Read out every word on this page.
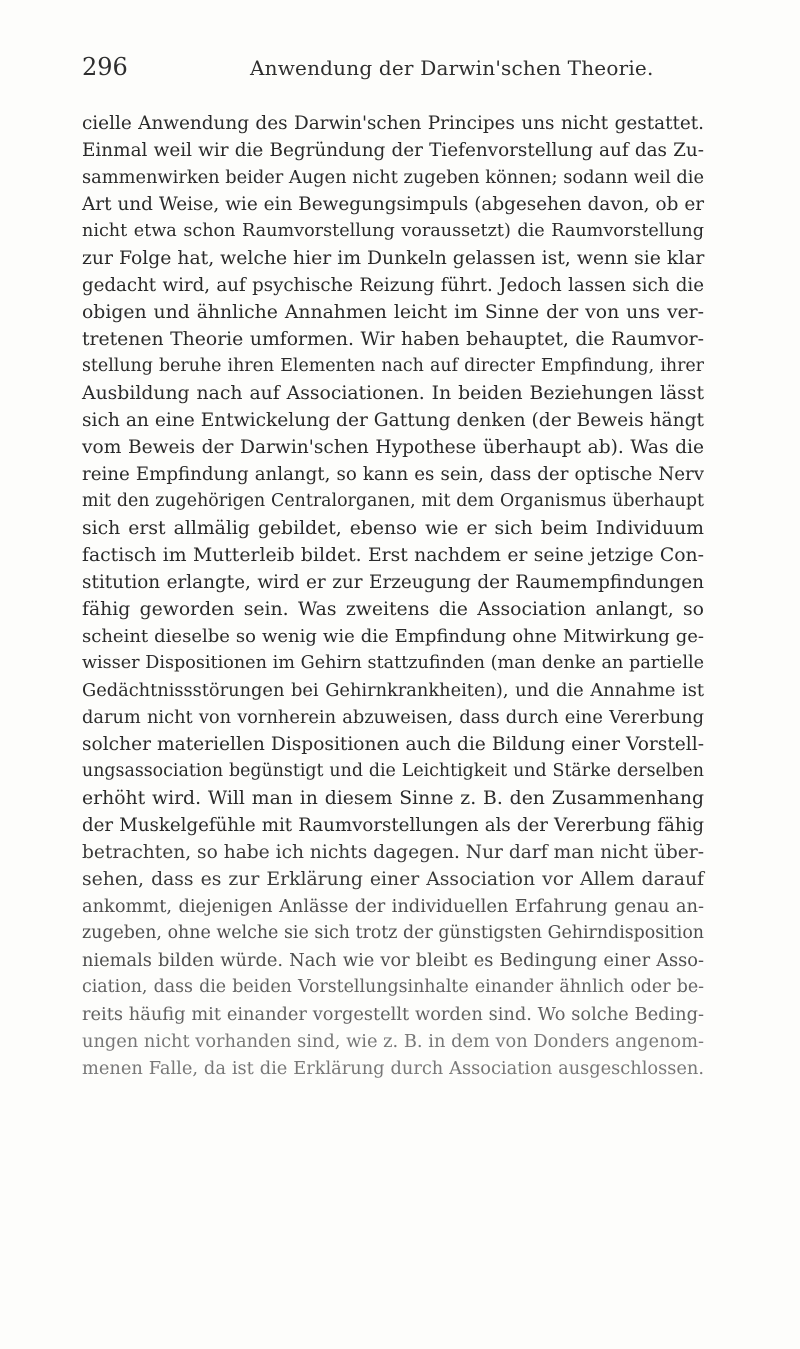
296	Anwendung der Darwin'schen Theorie.
cielle Anwendung des Darwin'schen Principes uns nicht gestattet.
Einmal weil wir die Begründung der Tiefenvorstellung auf das Zu-
sammenwirken beider Augen nicht zugeben können; sodann weil die
Art und Weise, wie ein Bewegungsimpuls (abgesehen davon, ob er
nicht etwa schon Raumvorstellung voraussetzt) die Raumvorstellung
zur Folge hat, welche hier im Dunkeln gelassen ist, wenn sie klar
gedacht wird, auf psychische Reizung führt. Jedoch lassen sich die
obigen und ähnliche Annahmen leicht im Sinne der von uns ver-
tretenen Theorie umformen. Wir haben behauptet, die Raumvor-
stellung beruhe ihren Elementen nach auf directer Empfindung, ihrer
Ausbildung nach auf Associationen. In beiden Beziehungen lässt
sich an eine Entwickelung der Gattung denken (der Beweis hängt
vom Beweis der Darwin'schen Hypothese überhaupt ab). Was die
reine Empfindung anlangt, so kann es sein, dass der optische Nerv
mit den zugehörigen Centralorganen, mit dem Organismus überhaupt
sich erst allmälig gebildet, ebenso wie er sich beim Individuum
factisch im Mutterleib bildet. Erst nachdem er seine jetzige Con-
stitution erlangte, wird er zur Erzeugung der Raumempfindungen
fähig geworden sein. Was zweitens die Association anlangt, so
scheint dieselbe so wenig wie die Empfindung ohne Mitwirkung ge-
wisser Dispositionen im Gehirn stattzufinden (man denke an partielle
Gedächtnissstörungen bei Gehirnkrankheiten), und die Annahme ist
darum nicht von vornherein abzuweisen, dass durch eine Vererbung
solcher materiellen Dispositionen auch die Bildung einer Vorstell-
ungsassociation begünstigt und die Leichtigkeit und Stärke derselben
erhöht wird. Will man in diesem Sinne z. B. den Zusammenhang
der Muskelgefühle mit Raumvorstellungen als der Vererbung fähig
betrachten, so habe ich nichts dagegen. Nur darf man nicht über-
sehen, dass es zur Erklärung einer Association vor Allem darauf
ankommt, diejenigen Anlässe der individuellen Erfahrung genau an-
zugeben, ohne welche sie sich trotz der günstigsten Gehirndisposition
niemals bilden würde. Nach wie vor bleibt es Bedingung einer Asso-
ciation, dass die beiden Vorstellungsinhalte einander ähnlich oder be-
reits häufig mit einander vorgestellt worden sind. Wo solche Beding-
ungen nicht vorhanden sind, wie z. B. in dem von Donders angenom-
menen Falle, da ist die Erklärung durch Association ausgeschlossen.
